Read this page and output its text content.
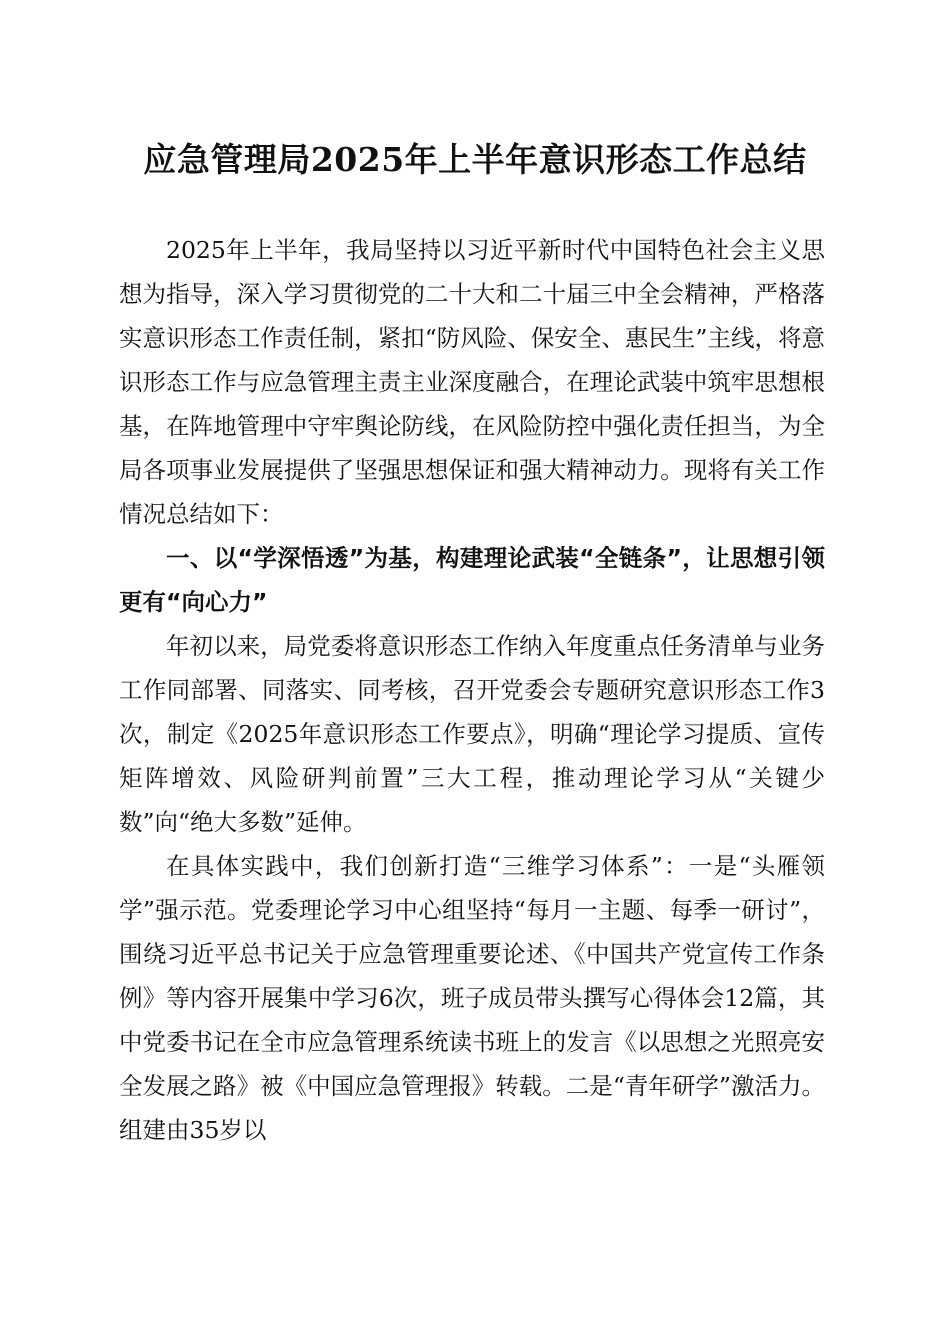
应急管理局2025年上半年意识形态工作总结

2025年上半年，我局坚持以习近平新时代中国特色社会主义思想为指导，深入学习贯彻党的二十大和二十届三中全会精神，严格落实意识形态工作责任制，紧扣“防风险、保安全、惠民生”主线，将意识形态工作与应急管理主责主业深度融合，在理论武装中筑牢思想根基，在阵地管理中守牢舆论防线，在风险防控中强化责任担当，为全局各项事业发展提供了坚强思想保证和强大精神动力。现将有关工作情况总结如下：

一、以“学深悟透”为基，构建理论武装“全链条”，让思想引领更有“向心力”

年初以来，局党委将意识形态工作纳入年度重点任务清单与业务工作同部署、同落实、同考核，召开党委会专题研究意识形态工作3次，制定《2025年意识形态工作要点》，明确“理论学习提质、宣传矩阵增效、风险研判前置”三大工程，推动理论学习从“关键少数”向“绝大多数”延伸。

在具体实践中，我们创新打造“三维学习体系”：一是“头雁领学”强示范。党委理论学习中心组坚持“每月一主题、每季一研讨”，围绕习近平总书记关于应急管理重要论述、《中国共产党宣传工作条例》等内容开展集中学习6次，班子成员带头撰写心得体会12篇，其中党委书记在全市应急管理系统读书班上的发言《以思想之光照亮安全发展之路》被《中国应急管理报》转载。二是“青年研学”激活力。组建由35岁以
